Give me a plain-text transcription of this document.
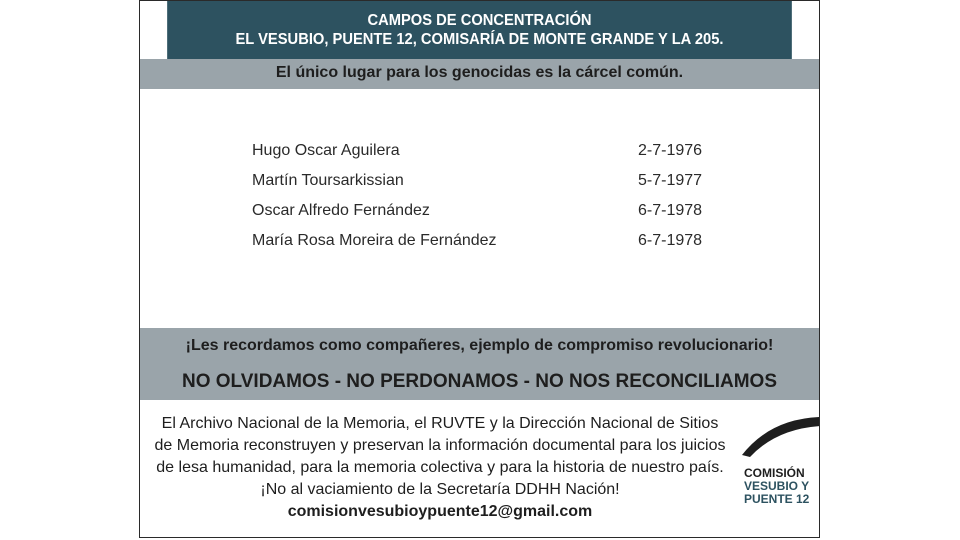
CAMPOS DE CONCENTRACIÓN
EL VESUBIO, PUENTE 12, COMISARÍA DE MONTE GRANDE Y LA 205.
El único lugar para los genocidas es la cárcel común.
Hugo Oscar Aguilera	2-7-1976
Martín Toursarkissian	5-7-1977
Oscar Alfredo Fernández	6-7-1978
María Rosa Moreira de Fernández	6-7-1978
¡Les recordamos como compañeres, ejemplo de compromiso revolucionario!
NO OLVIDAMOS - NO PERDONAMOS - NO NOS RECONCILIAMOS
El Archivo Nacional de la Memoria, el RUVTE y la Dirección Nacional de Sitios
de Memoria reconstruyen y preservan la información documental para los juicios
de lesa humanidad, para la memoria colectiva y para la historia de nuestro país.
¡No al vaciamiento de la Secretaría DDHH Nación!
comisionvesubioypuente12@gmail.com
COMISIÓN
VESUBIO Y
PUENTE 12
